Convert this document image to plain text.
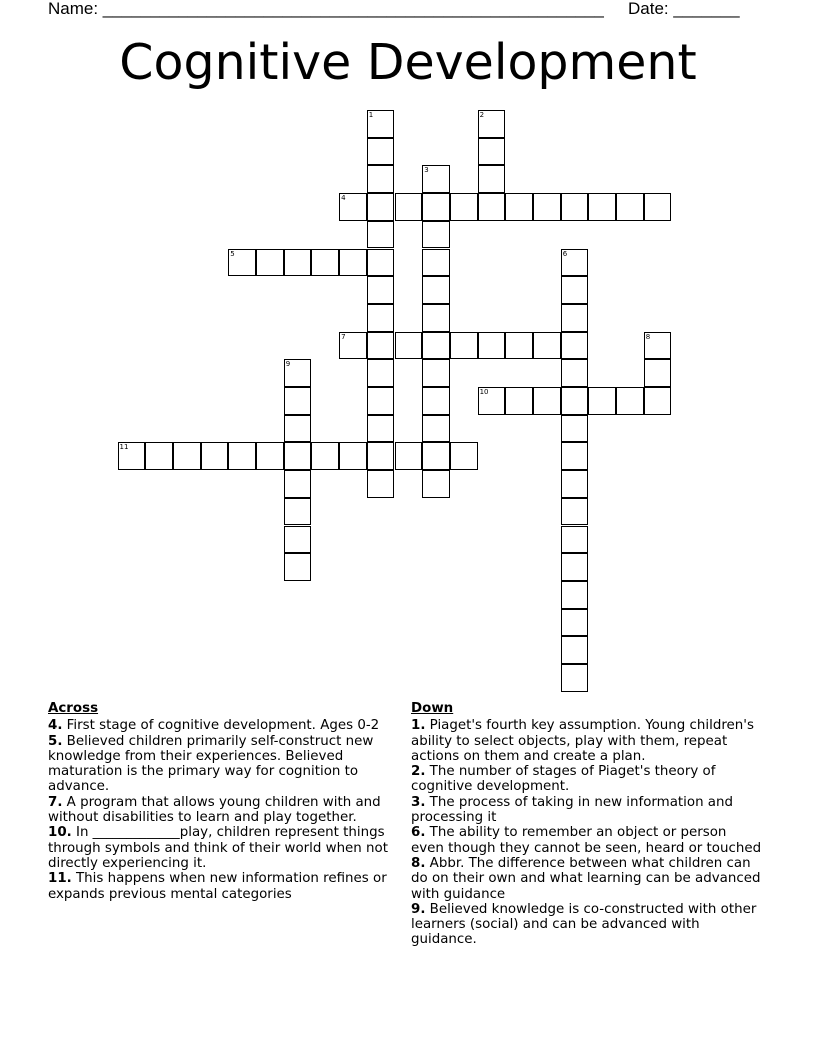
Name: _____________________________________________________ Date: _______
Cognitive Development
1	2
3
4
5	6
7	8
9
10
11
Across

4. First stage of cognitive development. Ages 0-2

5. Believed children primarily self-construct new knowledge from their experiences. Believed maturation is the primary way for cognition to advance.

7. A program that allows young children with and without disabilities to learn and play together.

10. In _____________play, children represent things through symbols and think of their world when not directly experiencing it.

11. This happens when new information refines or expands previous mental categories

Down

1. Piaget's fourth key assumption. Young children's ability to select objects, play with them, repeat actions on them and create a plan.

2. The number of stages of Piaget's theory of cognitive development.

3. The process of taking in new information and processing it

6. The ability to remember an object or person even though they cannot be seen, heard or touched

8. Abbr. The difference between what children can do on their own and what learning can be advanced with guidance

9. Believed knowledge is co-constructed with other learners (social) and can be advanced with guidance.
